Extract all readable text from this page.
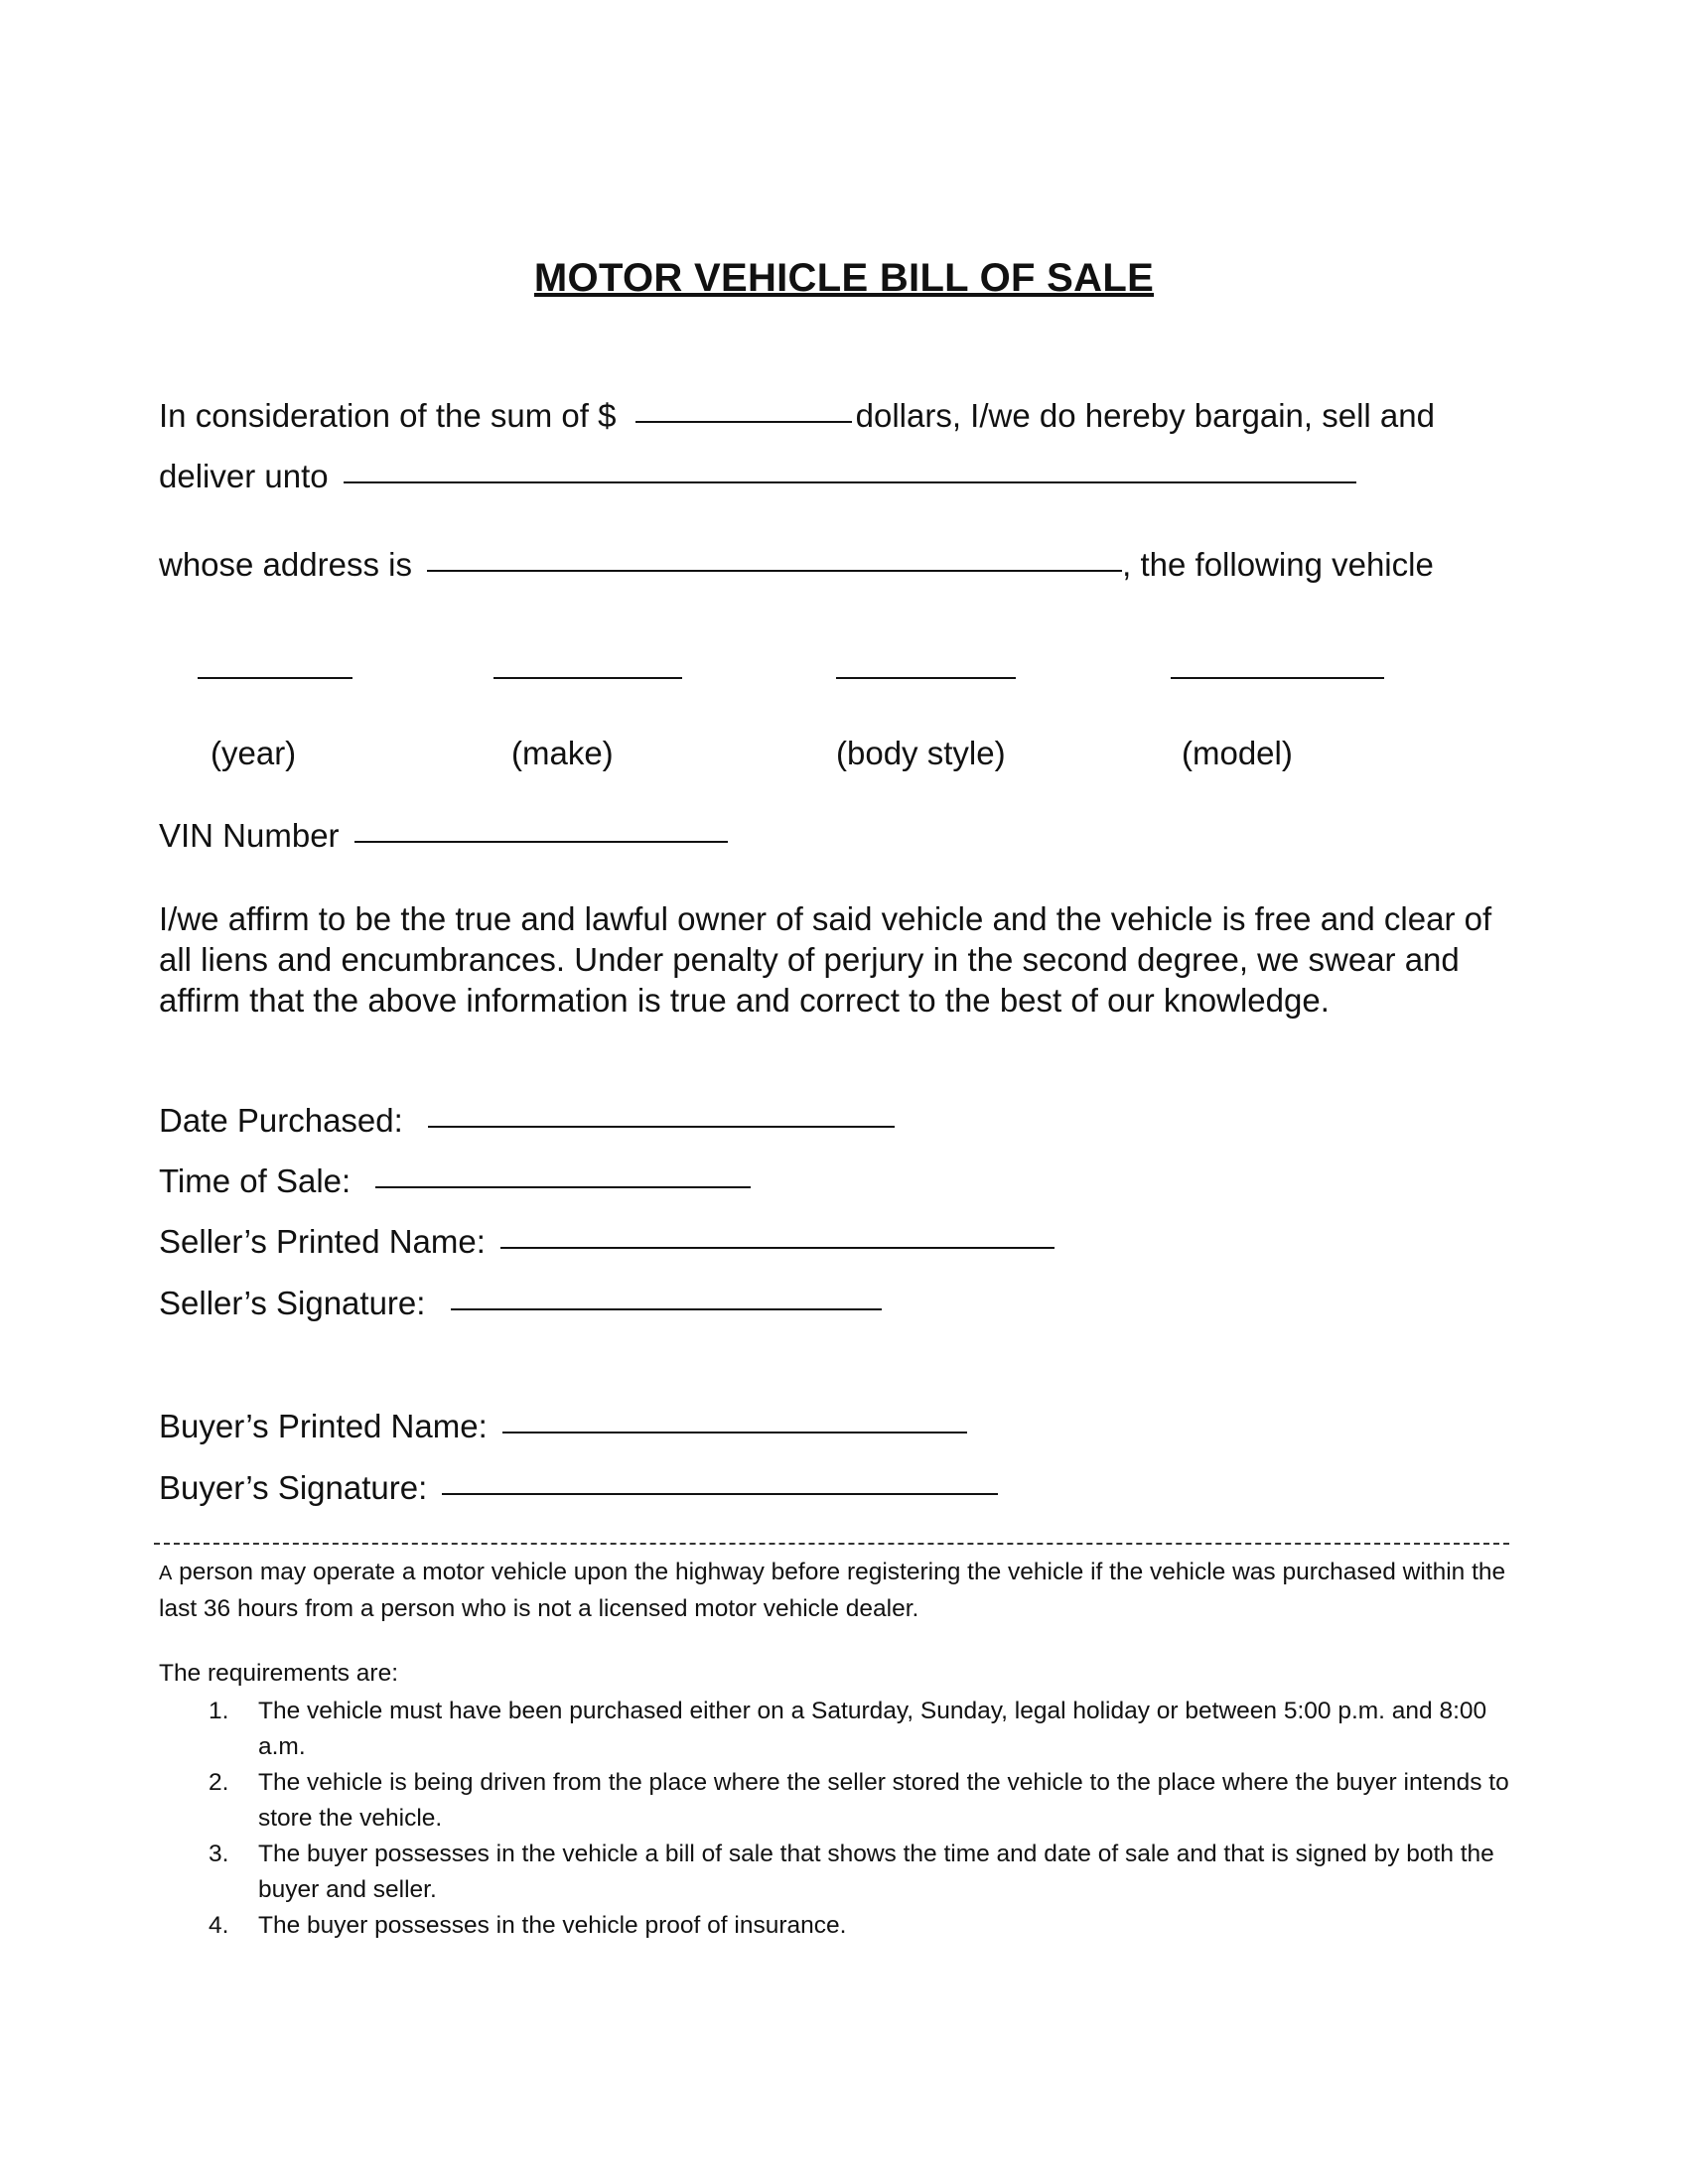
MOTOR VEHICLE BILL OF SALE
In consideration of the sum of $	dollars, I/we do hereby bargain, sell and
deliver unto
whose address is	, the following vehicle
(year)	(make)	(body style)	(model)
VIN Number
I/we affirm to be the true and lawful owner of said vehicle and the vehicle is free and clear of all liens and encumbrances. Under penalty of perjury in the second degree, we swear and affirm that the above information is true and correct to the best of our knowledge.
Date Purchased:
Time of Sale:
Seller’s Printed Name:
Seller’s Signature:
Buyer’s Printed Name:
Buyer’s Signature:
A person may operate a motor vehicle upon the highway before registering the vehicle if the vehicle was purchased within the last 36 hours from a person who is not a licensed motor vehicle dealer.
The requirements are:
1. The vehicle must have been purchased either on a Saturday, Sunday, legal holiday or between 5:00 p.m. and 8:00 a.m.
2. The vehicle is being driven from the place where the seller stored the vehicle to the place where the buyer intends to store the vehicle.
3. The buyer possesses in the vehicle a bill of sale that shows the time and date of sale and that is signed by both the buyer and seller.
4. The buyer possesses in the vehicle proof of insurance.
